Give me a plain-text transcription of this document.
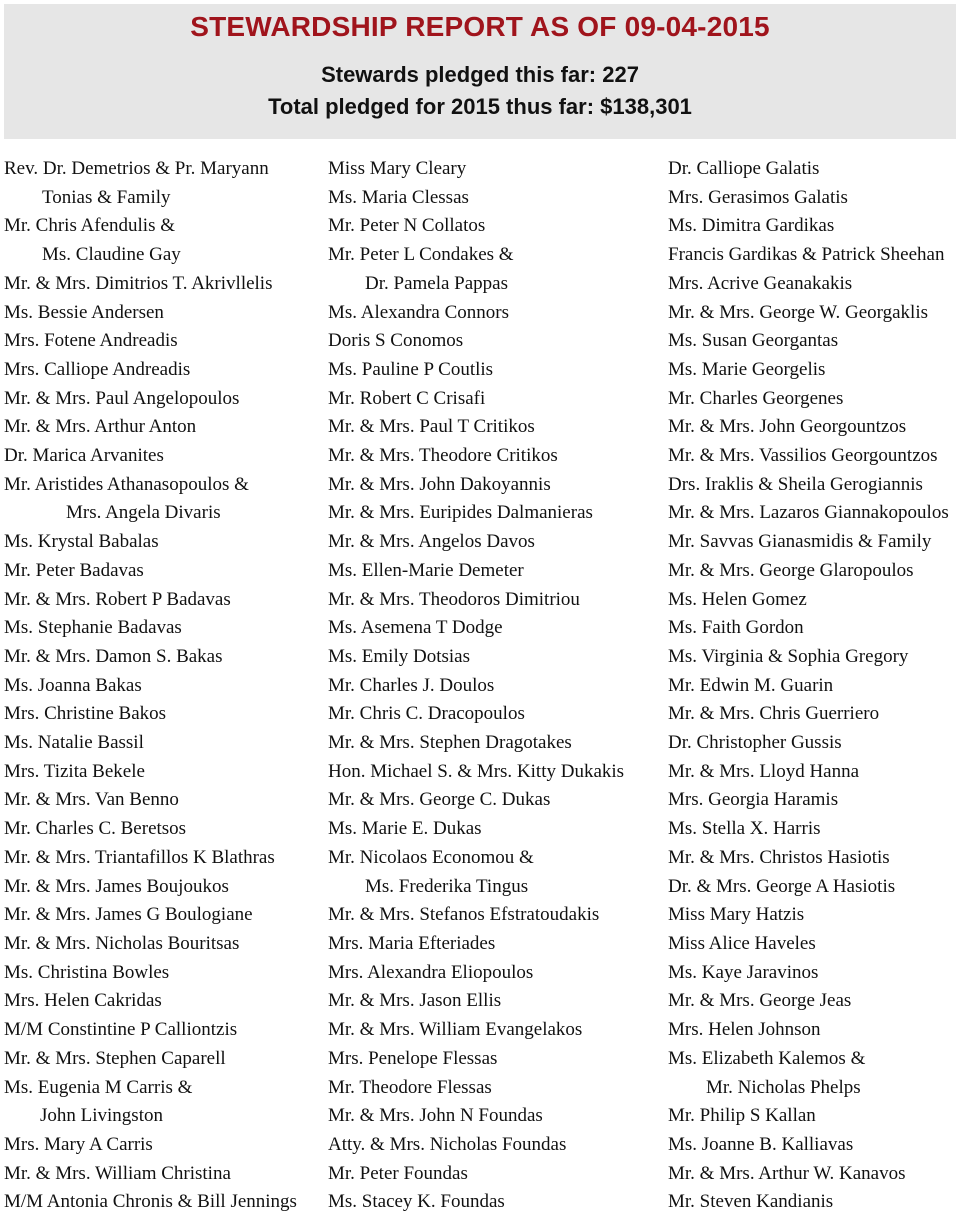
STEWARDSHIP REPORT AS OF 09-04-2015
Stewards pledged this far: 227
Total pledged for 2015 thus far: $138,301
Rev. Dr. Demetrios & Pr. Maryann
Tonias & Family
Mr. Chris Afendulis &
Ms. Claudine Gay
Mr. & Mrs. Dimitrios T. Akrivllelis
Ms. Bessie Andersen
Mrs. Fotene Andreadis
Mrs. Calliope Andreadis
Mr. & Mrs. Paul Angelopoulos
Mr. & Mrs. Arthur Anton
Dr. Marica Arvanites
Mr. Aristides Athanasopoulos &
Mrs. Angela Divaris
Ms. Krystal Babalas
Mr. Peter Badavas
Mr. & Mrs. Robert P Badavas
Ms. Stephanie Badavas
Mr. & Mrs. Damon S. Bakas
Ms. Joanna Bakas
Mrs. Christine Bakos
Ms. Natalie Bassil
Mrs. Tizita Bekele
Mr. & Mrs. Van Benno
Mr. Charles C. Beretsos
Mr. & Mrs. Triantafillos K Blathras
Mr. & Mrs. James Boujoukos
Mr. & Mrs. James G Boulogiane
Mr. & Mrs. Nicholas Bouritsas
Ms. Christina Bowles
Mrs. Helen Cakridas
M/M Constintine P Calliontzis
Mr. & Mrs. Stephen Caparell
Ms. Eugenia M Carris &
John Livingston
Mrs. Mary A Carris
Mr. & Mrs. William Christina
M/M Antonia Chronis & Bill Jennings
Miss Mary Cleary
Ms. Maria Clessas
Mr. Peter N Collatos
Mr. Peter L Condakes &
Dr. Pamela Pappas
Ms. Alexandra Connors
Doris S Conomos
Ms. Pauline P Coutlis
Mr. Robert C Crisafi
Mr. & Mrs. Paul T Critikos
Mr. & Mrs. Theodore Critikos
Mr. & Mrs. John Dakoyannis
Mr. & Mrs. Euripides Dalmanieras
Mr. & Mrs. Angelos Davos
Ms. Ellen-Marie Demeter
Mr. & Mrs. Theodoros Dimitriou
Ms. Asemena T Dodge
Ms. Emily Dotsias
Mr. Charles J. Doulos
Mr. Chris C. Dracopoulos
Mr. & Mrs. Stephen Dragotakes
Hon. Michael S. & Mrs. Kitty Dukakis
Mr. & Mrs. George C. Dukas
Ms. Marie E. Dukas
Mr. Nicolaos Economou &
Ms. Frederika Tingus
Mr. & Mrs. Stefanos Efstratoudakis
Mrs. Maria Efteriades
Mrs. Alexandra Eliopoulos
Mr. & Mrs. Jason Ellis
Mr. & Mrs. William Evangelakos
Mrs. Penelope Flessas
Mr. Theodore Flessas
Mr. & Mrs. John N Foundas
Atty. & Mrs. Nicholas Foundas
Mr. Peter Foundas
Ms. Stacey K. Foundas
Dr. Calliope Galatis
Mrs. Gerasimos Galatis
Ms. Dimitra Gardikas
Francis Gardikas & Patrick Sheehan
Mrs. Acrive Geanakakis
Mr. & Mrs. George W. Georgaklis
Ms. Susan Georgantas
Ms. Marie Georgelis
Mr. Charles Georgenes
Mr. & Mrs. John Georgountzos
Mr. & Mrs. Vassilios Georgountzos
Drs. Iraklis & Sheila Gerogiannis
Mr. & Mrs. Lazaros Giannakopoulos
Mr. Savvas Gianasmidis & Family
Mr. & Mrs. George Glaropoulos
Ms. Helen Gomez
Ms. Faith Gordon
Ms. Virginia & Sophia Gregory
Mr. Edwin M. Guarin
Mr. & Mrs. Chris Guerriero
Dr. Christopher Gussis
Mr. & Mrs. Lloyd Hanna
Mrs. Georgia Haramis
Ms. Stella X. Harris
Mr. & Mrs. Christos Hasiotis
Dr. & Mrs. George A Hasiotis
Miss Mary Hatzis
Miss Alice Haveles
Ms. Kaye Jaravinos
Mr. & Mrs. George Jeas
Mrs. Helen Johnson
Ms. Elizabeth Kalemos &
Mr. Nicholas Phelps
Mr. Philip S Kallan
Ms. Joanne B. Kalliavas
Mr. & Mrs. Arthur W. Kanavos
Mr. Steven Kandianis
